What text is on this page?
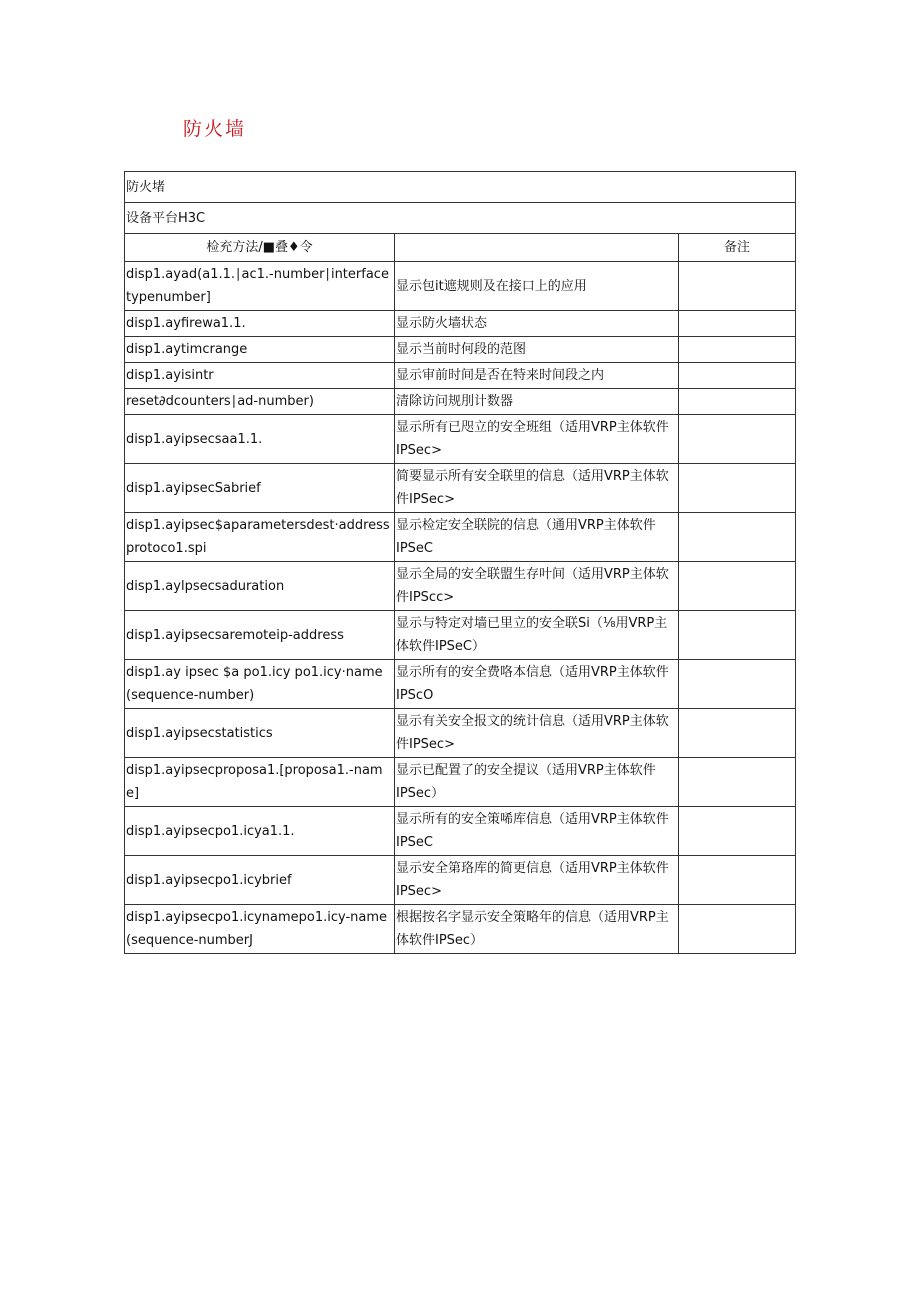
防火墙
防火堵		
设备平台H3C		
检充方法/■叠♦令		备注
disp1.ayad(a1.1.∣ac1.-number∣interfacetypenumber]	显示包it遮规则及在接口上的应用	
disp1.ayfirewa1.1.	显示防火墙状态	
disp1.aytimcrange	显示当前时何段的范图	
disp1.ayisintr	显示审前时间是否在特来时间段之内	
reset∂dcounters∣ad-number)	清除访问规刖计数器	
disp1.ayipsecsaa1.1.	显示所有已咫立的安全班组（适用VRP主体软件IPSec>	
disp1.ayipsecSabrief	简要显示所有安全联里的信息（适用VRP主体软件IPSec>	
disp1.ayipsec$aparametersdest·addressprotoco1.spi	显示检定安全联院的信息（通用VRP主体软件IPSeC	
disp1.aylpsecsaduration	显示全局的安全联盟生存叶间（适用VRP主体软件IPScc>	
disp1.ayipsecsaremoteip-address	显示与特定对墙已里立的安全联Si（⅛用VRP主体软件IPSeC）	
disp1.ay ipsec $a po1.icy po1.icy·name(sequence-number)	显示所有的安全费咯本信息（适用VRP主体软件IPScO	
disp1.ayipsecstatistics	显示有关安全报文的统计信息（适用VRP主体软件IPSec>	
disp1.ayipsecproposa1.[proposa1.-name]	显示已配置了的安全提议（适用VRP主体软件IPSec）	
disp1.ayipsecpo1.icya1.1.	显示所有的安全策唏库信息（适用VRP主体软件IPSeC	
disp1.ayipsecpo1.icybrief	显示安全第珞库的简更信息（适用VRP主体软件IPSec>	
disp1.ayipsecpo1.icynamepo1.icy-name(sequence-numberJ	根据按名字显示安全策略年的信息（适用VRP主体软件IPSec）	
